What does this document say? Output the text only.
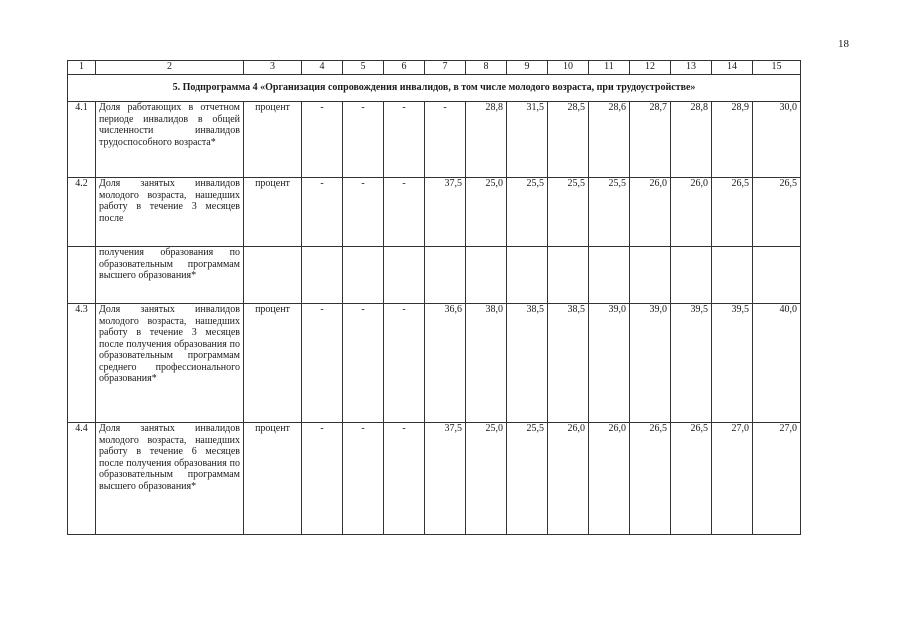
18
1	2	3	4	5	6	7	8	9	10	11	12	13	14	15
5. Подпрограмма 4 «Организация сопровождения инвалидов, в том числе молодого возраста, при трудоустройстве»														
4.1	Доля работающих в отчетном периоде инвалидов в общей численности инвалидов трудоспособного возраста*	процент	-	-	-	-	28,8	31,5	28,5	28,6	28,7	28,8	28,9	30,0
4.2	Доля занятых инвалидов молодого возраста, нашедших работу в течение 3 месяцев после	процент	-	-	-	37,5	25,0	25,5	25,5	25,5	26,0	26,0	26,5	26,5
	получения образования по образовательным программам высшего образования*													
4.3	Доля занятых инвалидов молодого возраста, нашедших работу в течение 3 месяцев после получения образования по образовательным программам среднего профессионального образования*	процент	-	-	-	36,6	38,0	38,5	38,5	39,0	39,0	39,5	39,5	40,0
4.4	Доля занятых инвалидов молодого возраста, нашедших работу в течение 6 месяцев после получения образования по образовательным программам высшего образования*	процент	-	-	-	37,5	25,0	25,5	26,0	26,0	26,5	26,5	27,0	27,0
